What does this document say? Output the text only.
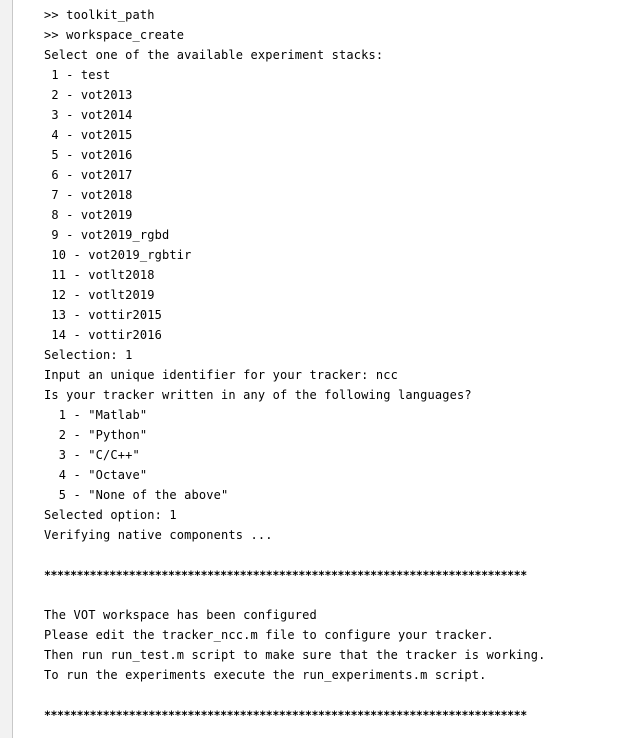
>> toolkit_path
>> workspace_create
Select one of the available experiment stacks:
1 - test
2 - vot2013
3 - vot2014
4 - vot2015
5 - vot2016
6 - vot2017
7 - vot2018
8 - vot2019
9 - vot2019_rgbd
10 - vot2019_rgbtir
11 - votlt2018
12 - votlt2019
13 - vottir2015
14 - vottir2016
Selection: 1
Input an unique identifier for your tracker: ncc
Is your tracker written in any of the following languages?
1 - "Matlab"
2 - "Python"
3 - "C/C++"
4 - "Octave"
5 - "None of the above"
Selected option: 1
Verifying native components ...
**************************************************************************
The VOT workspace has been configured
Please edit the tracker_ncc.m file to configure your tracker.
Then run run_test.m script to make sure that the tracker is working.
To run the experiments execute the run_experiments.m script.
**************************************************************************
